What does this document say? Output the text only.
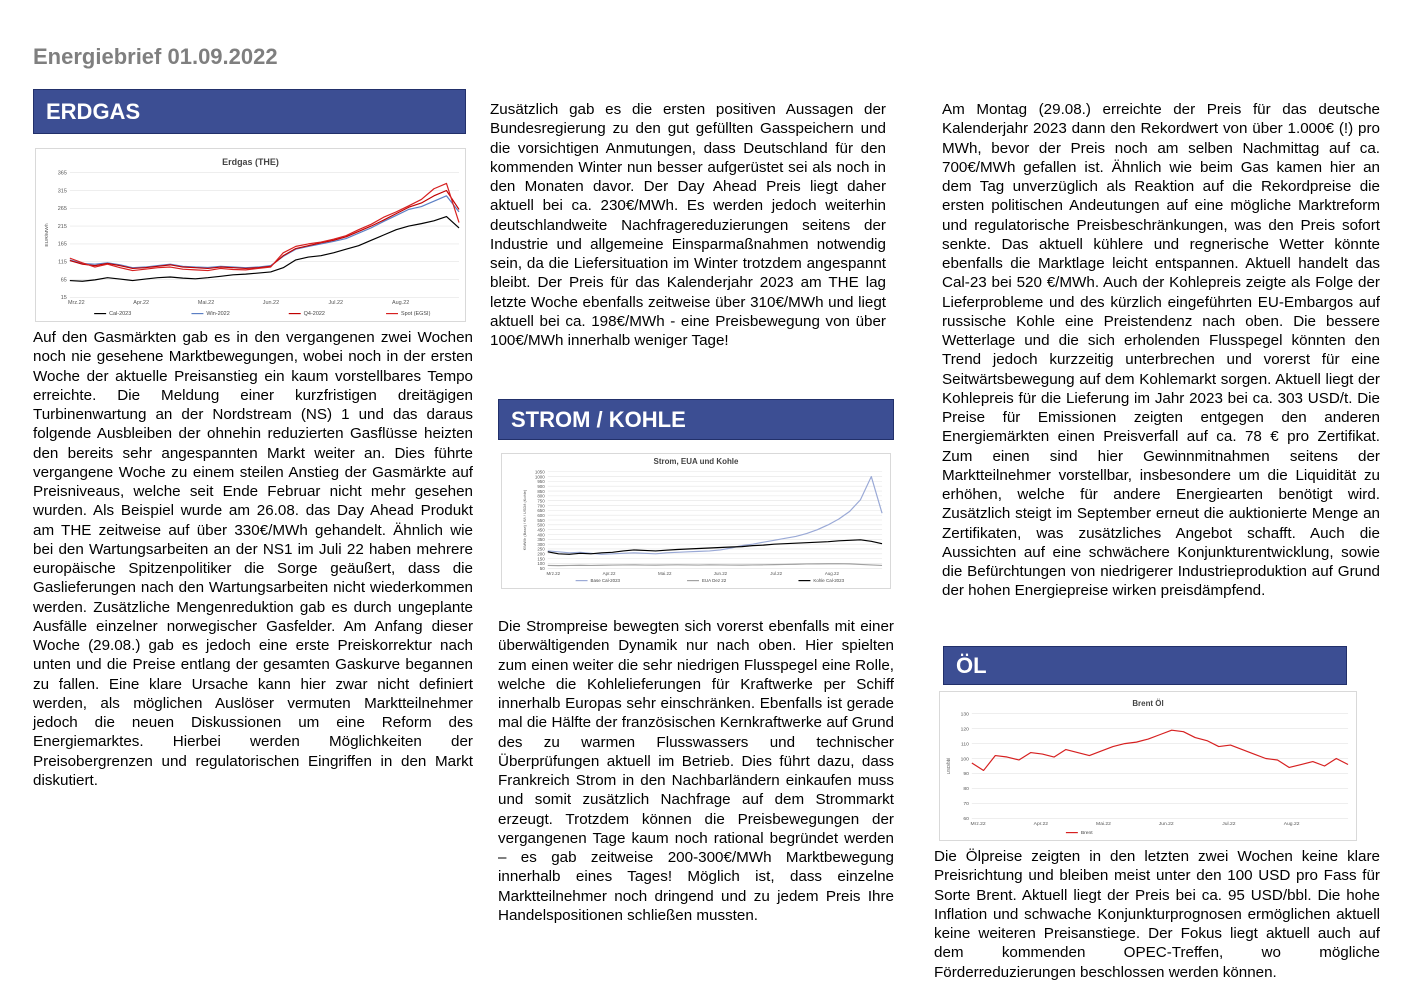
Energiebrief 01.09.2022
ERDGAS
Erdgas (THE)
365
315
265
215
165
115
65
15
EUR/MWh
Mrz.22	Apr.22	Mai.22	Jun.22	Jul.22	Aug.22
Cal-2023	Win-2022	Q4-2022	Spot (EGSI)
Auf den Gasmärkten gab es in den vergangenen zwei Wochen noch nie gesehene Marktbewegungen, wobei noch in der ersten Woche der aktuelle Preisanstieg ein kaum vorstellbares Tempo erreichte. Die Meldung einer kurzfristigen dreitägigen Turbinenwartung an der Nordstream (NS) 1 und das daraus folgende Ausbleiben der ohnehin reduzierten Gasflüsse heizten den bereits sehr angespannten Markt weiter an. Dies führte vergangene Woche zu einem steilen Anstieg der Gasmärkte auf Preisniveaus, welche seit Ende Februar nicht mehr gesehen wurden. Als Beispiel wurde am 26.08. das Day Ahead Produkt am THE zeitweise auf über 330€/MWh gehandelt. Ähnlich wie bei den Wartungsarbeiten an der NS1 im Juli 22 haben mehrere europäische Spitzenpolitiker die Sorge geäußert, dass die Gaslieferungen nach den Wartungsarbeiten nicht wiederkommen werden. Zusätzliche Mengenreduktion gab es durch ungeplante Ausfälle einzelner norwegischer Gasfelder. Am Anfang dieser Woche (29.08.) gab es jedoch eine erste Preiskorrektur nach unten und die Preise entlang der gesamten Gaskurve begannen zu fallen. Eine klare Ursache kann hier zwar nicht definiert werden, als möglichen Auslöser vermuten Marktteilnehmer jedoch die neuen Diskussionen um eine Reform des Energiemarktes. Hierbei werden Möglichkeiten der Preisobergrenzen und regulatorischen Eingriffen in den Markt diskutiert.
Zusätzlich gab es die ersten positiven Aussagen der Bundesregierung zu den gut gefüllten Gasspeichern und die vorsichtigen Anmutungen, dass Deutschland für den kommenden Winter nun besser aufgerüstet sei als noch in den Monaten davor. Der Day Ahead Preis liegt daher aktuell bei ca. 230€/MWh. Es werden jedoch weiterhin deutschlandweite Nachfragereduzierungen seitens der Industrie und allgemeine Einsparmaßnahmen notwendig sein, da die Liefersituation im Winter trotzdem angespannt bleibt. Der Preis für das Kalenderjahr 2023 am THE lag letzte Woche ebenfalls zeitweise über 310€/MWh und liegt aktuell bei ca. 198€/MWh - eine Preisbewegung von über 100€/MWh innerhalb weniger Tage!
STROM / KOHLE
Strom, EUA und Kohle
1050
1000
950
900
850
800
750
700
650
600
550
500
450
400
350
300
250
200
150
100
50
€/MWh (Base) / €/t / USD/t (Kohle)
Mrz.22	Apr.22	Mai.22	Jun.22	Jul.22	Aug.22
Base Cal-2023	EUA Dez 22	Kohle Cal-2023
Die Strompreise bewegten sich vorerst ebenfalls mit einer überwältigenden Dynamik nur nach oben. Hier spielten zum einen weiter die sehr niedrigen Flusspegel eine Rolle, welche die Kohlelieferungen für Kraftwerke per Schiff innerhalb Europas sehr einschränken. Ebenfalls ist gerade mal die Hälfte der französischen Kernkraftwerke auf Grund des zu warmen Flusswassers und technischer Überprüfungen aktuell im Betrieb. Dies führt dazu, dass Frankreich Strom in den Nachbarländern einkaufen muss und somit zusätzlich Nachfrage auf dem Strommarkt erzeugt. Trotzdem können die Preisbewegungen der vergangenen Tage kaum noch rational begründet werden – es gab zeitweise 200-300€/MWh Marktbewegung innerhalb eines Tages! Möglich ist, dass einzelne Marktteilnehmer noch dringend und zu jedem Preis Ihre Handelspositionen schließen mussten.
Am Montag (29.08.) erreichte der Preis für das deutsche Kalenderjahr 2023 dann den Rekordwert von über 1.000€ (!) pro MWh, bevor der Preis noch am selben Nachmittag auf ca. 700€/MWh gefallen ist. Ähnlich wie beim Gas kamen hier an dem Tag unverzüglich als Reaktion auf die Rekordpreise die ersten politischen Andeutungen auf eine mögliche Marktreform und regulatorische Preisbeschränkungen, was den Preis sofort senkte. Das aktuell kühlere und regnerische Wetter könnte ebenfalls die Marktlage leicht entspannen. Aktuell handelt das Cal-23 bei 520 €/MWh. Auch der Kohlepreis zeigte als Folge der Lieferprobleme und des kürzlich eingeführten EU-Embargos auf russische Kohle eine Preistendenz nach oben. Die bessere Wetterlage und die sich erholenden Flusspegel könnten den Trend jedoch kurzzeitig unterbrechen und vorerst für eine Seitwärtsbewegung auf dem Kohlemarkt sorgen. Aktuell liegt der Kohlepreis für die Lieferung im Jahr 2023 bei ca. 303 USD/t. Die Preise für Emissionen zeigten entgegen den anderen Energiemärkten einen Preisverfall auf ca. 78 € pro Zertifikat. Zum einen sind hier Gewinnmitnahmen seitens der Marktteilnehmer vorstellbar, insbesondere um die Liquidität zu erhöhen, welche für andere Energiearten benötigt wird. Zusätzlich steigt im September erneut die auktionierte Menge an Zertifikaten, was zusätzliches Angebot schafft. Auch die Aussichten auf eine schwächere Konjunkturentwicklung, sowie die Befürchtungen von niedrigerer Industrieproduktion auf Grund der hohen Energiepreise wirken preisdämpfend.
ÖL
Brent Öl
130
120
110
100
90
80
70
60
USD/bbl
Mrz.22	Apr.22	Mai.22	Jun.22	Jul.22	Aug.22
Brent
Die Ölpreise zeigten in den letzten zwei Wochen keine klare Preisrichtung und bleiben meist unter den 100 USD pro Fass für Sorte Brent. Aktuell liegt der Preis bei ca. 95 USD/bbl. Die hohe Inflation und schwache Konjunkturprognosen ermöglichen aktuell keine weiteren Preisanstiege. Der Fokus liegt aktuell auch auf dem kommenden OPEC-Treffen, wo mögliche Förderreduzierungen beschlossen werden können.
